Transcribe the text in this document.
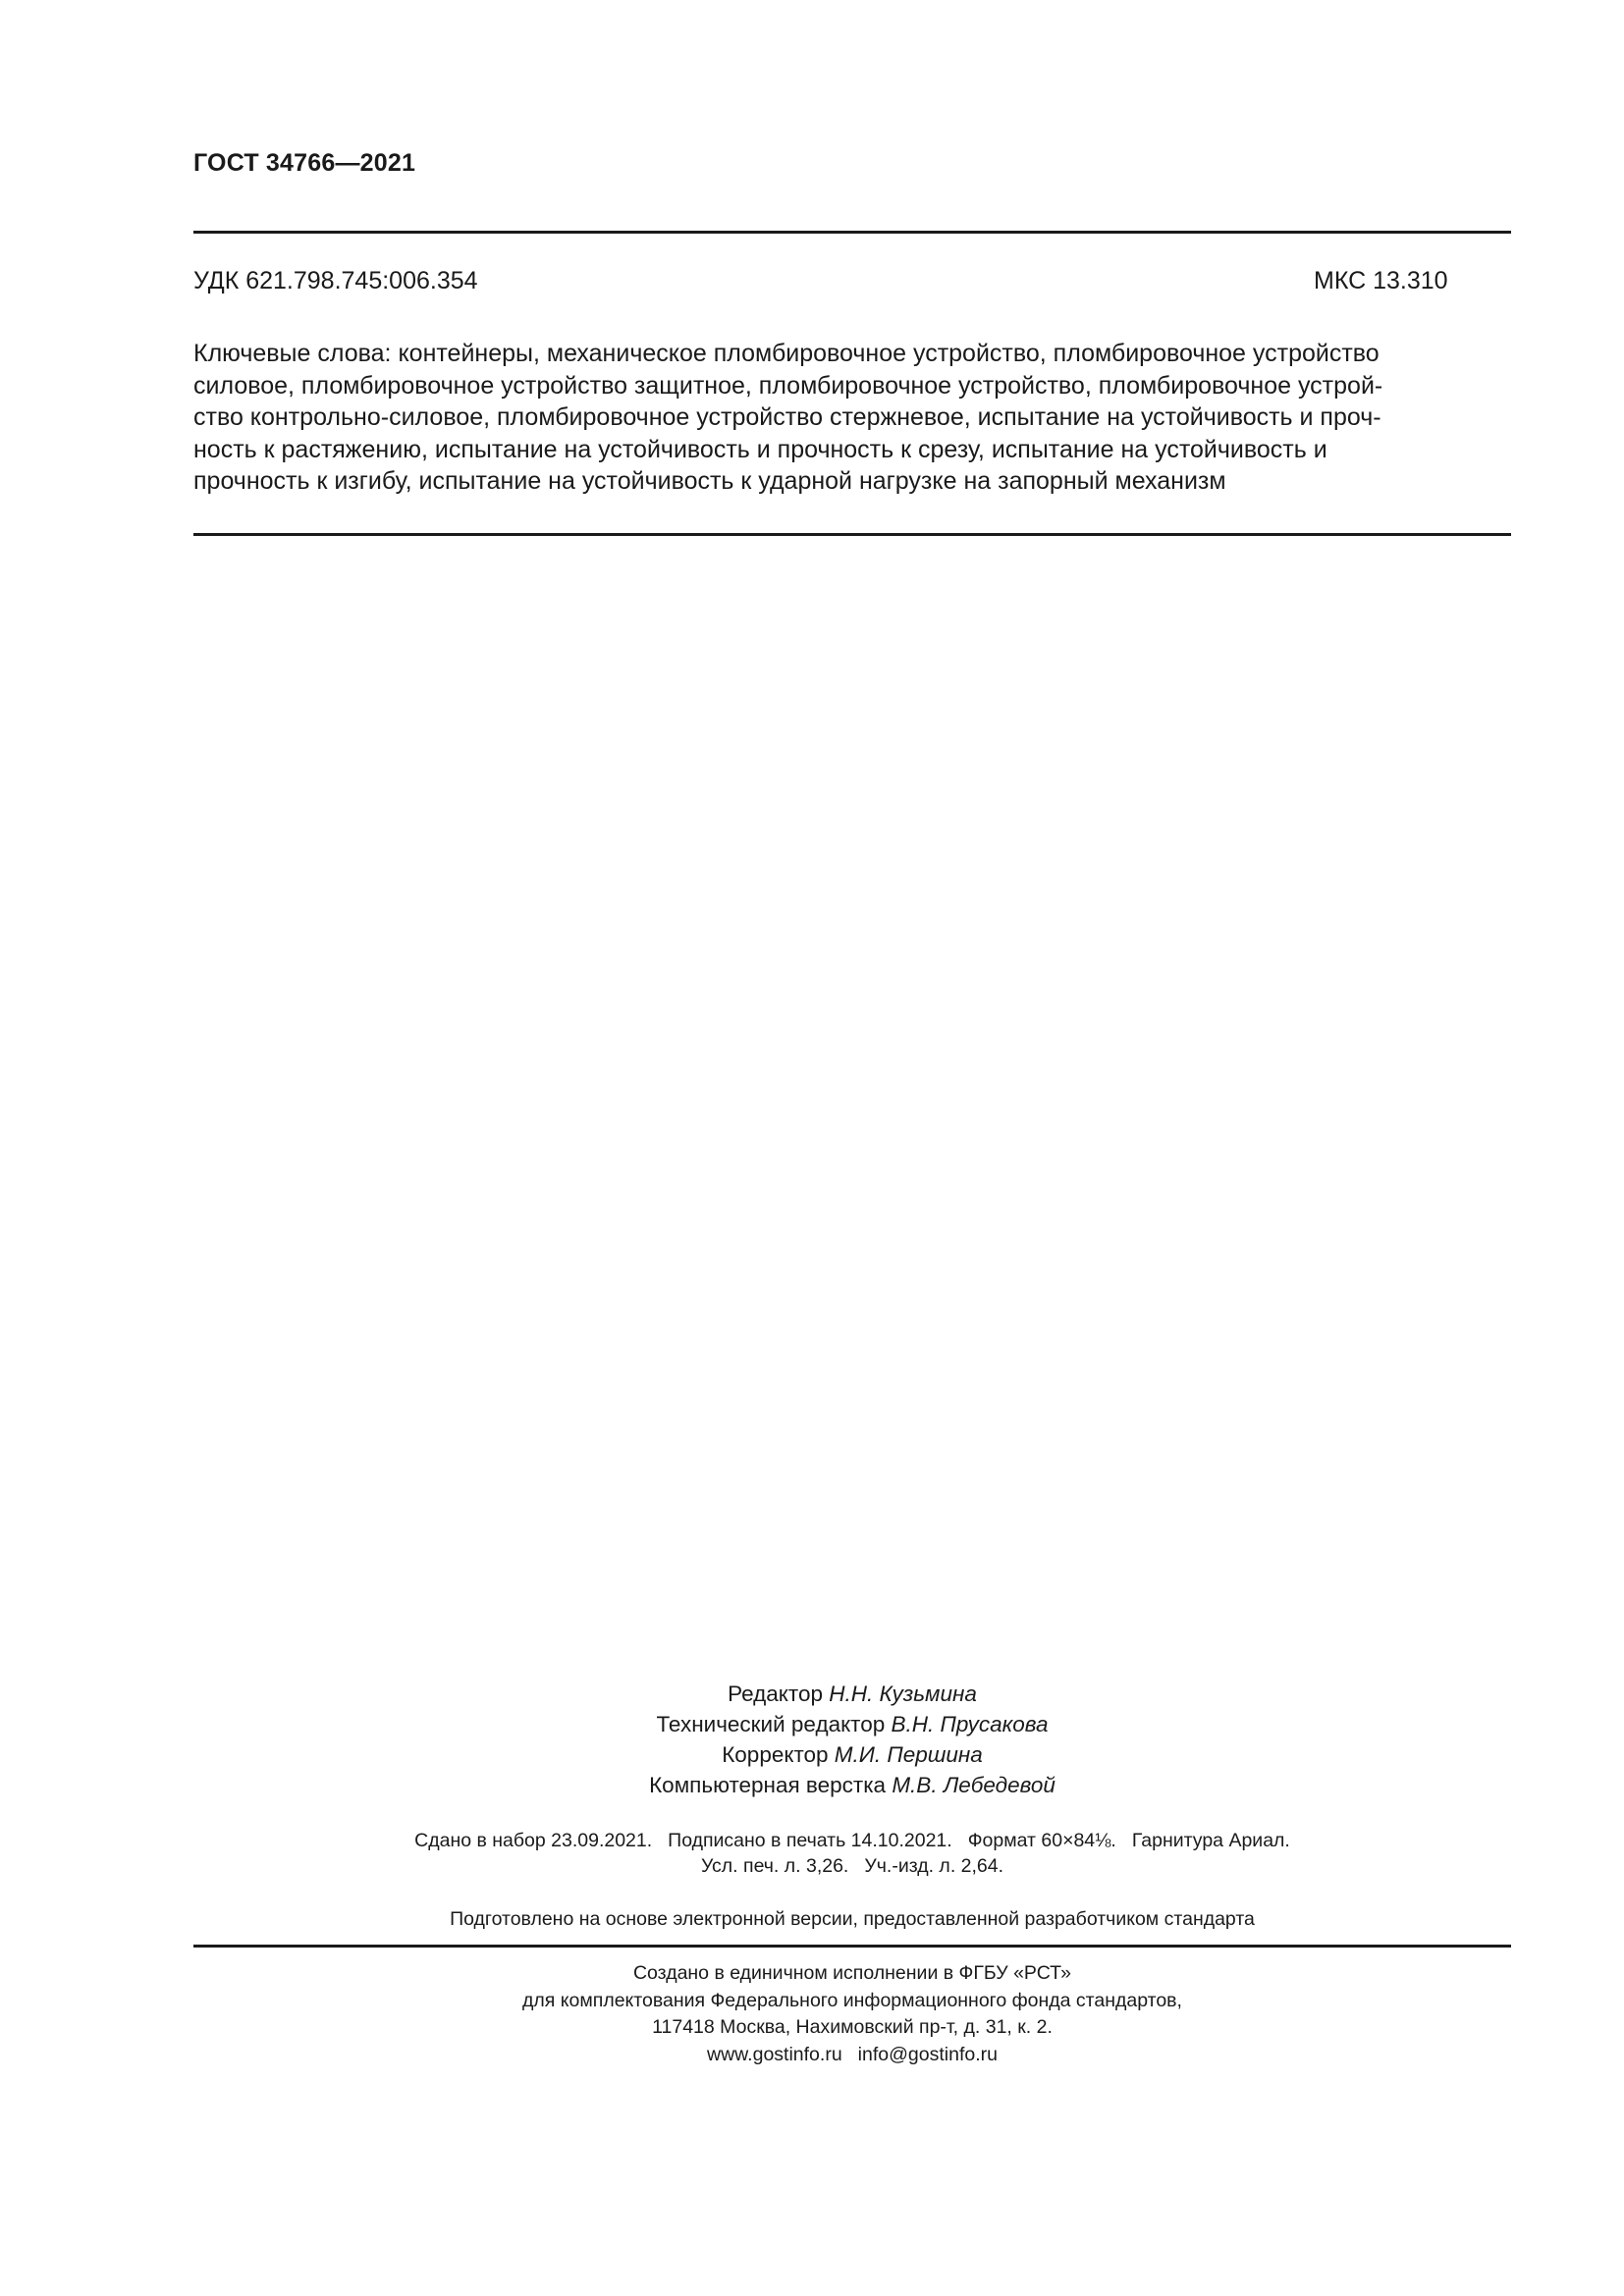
ГОСТ 34766—2021
УДК 621.798.745:006.354	МКС 13.310
Ключевые слова: контейнеры, механическое пломбировочное устройство, пломбировочное устройство
силовое, пломбировочное устройство защитное, пломбировочное устройство, пломбировочное устрой-
ство контрольно-силовое, пломбировочное устройство стержневое, испытание на устойчивость и проч-
ность к растяжению, испытание на устойчивость и прочность к срезу, испытание на устойчивость и
прочность к изгибу, испытание на устойчивость к ударной нагрузке на запорный механизм
Редактор Н.Н. Кузьмина
Технический редактор В.Н. Прусакова
Корректор М.И. Першина
Компьютерная верстка М.В. Лебедевой
Сдано в набор 23.09.2021. Подписано в печать 14.10.2021. Формат 60×84⅛. Гарнитура Ариал.
Усл. печ. л. 3,26. Уч.-изд. л. 2,64.
Подготовлено на основе электронной версии, предоставленной разработчиком стандарта
Создано в единичном исполнении в ФГБУ «РСТ»
для комплектования Федерального информационного фонда стандартов,
117418 Москва, Нахимовский пр-т, д. 31, к. 2.
www.gostinfo.ru info@gostinfo.ru
